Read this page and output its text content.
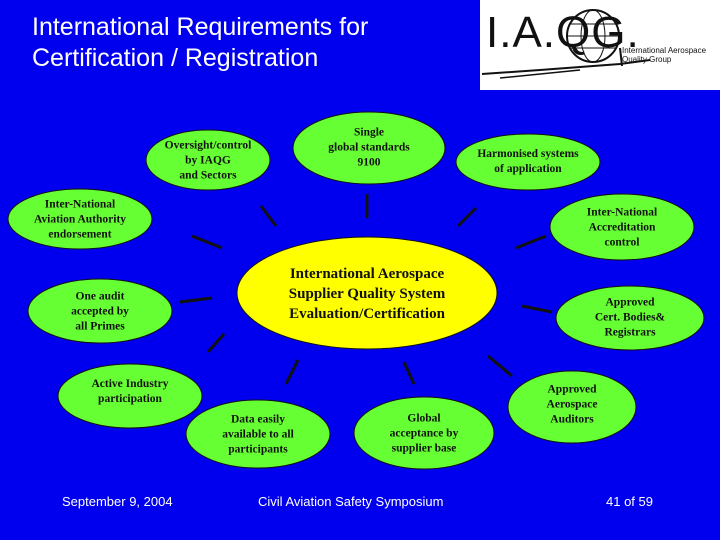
International Requirements for
Certification / Registration
I.A.QG.
International Aerospace
Quality Group
International Aerospace
Supplier Quality System
Evaluation/Certification
Oversight/control
by IAQG
and Sectors
Single
global standards
9100
Harmonised systems
of application
Inter-National
Aviation Authority
endorsement
Inter-National
Accreditation
control
One audit
accepted by
all Primes
Approved
Cert. Bodies&
Registrars
Active Industry
participation
Data easily
available to all
participants
Global
acceptance by
supplier base
Approved
Aerospace
Auditors
September 9, 2004	Civil Aviation Safety Symposium	41 of 59
